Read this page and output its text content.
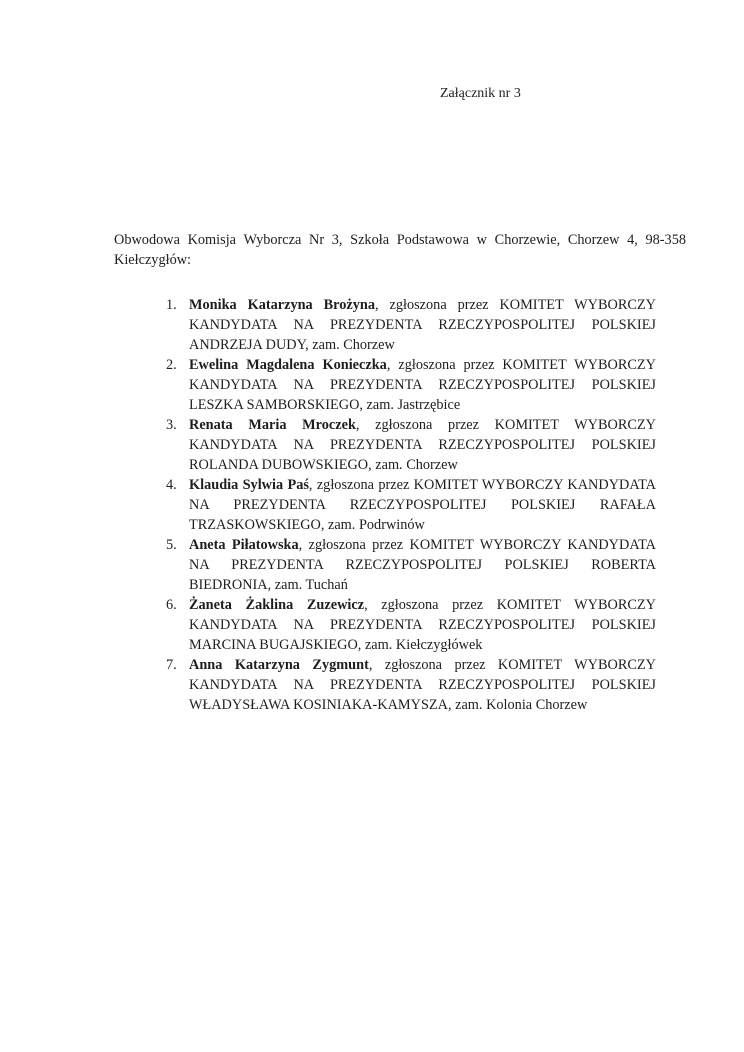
Załącznik nr 3
Obwodowa Komisja Wyborcza Nr 3, Szkoła Podstawowa w Chorzewie, Chorzew 4, 98-358
Kiełczygłów:
1. Monika Katarzyna Brożyna, zgłoszona przez KOMITET WYBORCZY
KANDYDATA NA PREZYDENTA RZECZYPOSPOLITEJ POLSKIEJ
ANDRZEJA DUDY, zam. Chorzew
2. Ewelina Magdalena Konieczka, zgłoszona przez KOMITET WYBORCZY
KANDYDATA NA PREZYDENTA RZECZYPOSPOLITEJ POLSKIEJ
LESZKA SAMBORSKIEGO, zam. Jastrzębice
3. Renata Maria Mroczek, zgłoszona przez KOMITET WYBORCZY
KANDYDATA NA PREZYDENTA RZECZYPOSPOLITEJ POLSKIEJ
ROLANDA DUBOWSKIEGO, zam. Chorzew
4. Klaudia Sylwia Paś, zgłoszona przez KOMITET WYBORCZY KANDYDATA
NA PREZYDENTA RZECZYPOSPOLITEJ POLSKIEJ RAFAŁA
TRZASKOWSKIEGO, zam. Podrwinów
5. Aneta Piłatowska, zgłoszona przez KOMITET WYBORCZY KANDYDATA
NA PREZYDENTA RZECZYPOSPOLITEJ POLSKIEJ ROBERTA
BIEDRONIA, zam. Tuchań
6. Żaneta Żaklina Zuzewicz, zgłoszona przez KOMITET WYBORCZY
KANDYDATA NA PREZYDENTA RZECZYPOSPOLITEJ POLSKIEJ
MARCINA BUGAJSKIEGO, zam. Kiełczygłówek
7. Anna Katarzyna Zygmunt, zgłoszona przez KOMITET WYBORCZY
KANDYDATA NA PREZYDENTA RZECZYPOSPOLITEJ POLSKIEJ
WŁADYSŁAWA KOSINIAKA-KAMYSZA, zam. Kolonia Chorzew
